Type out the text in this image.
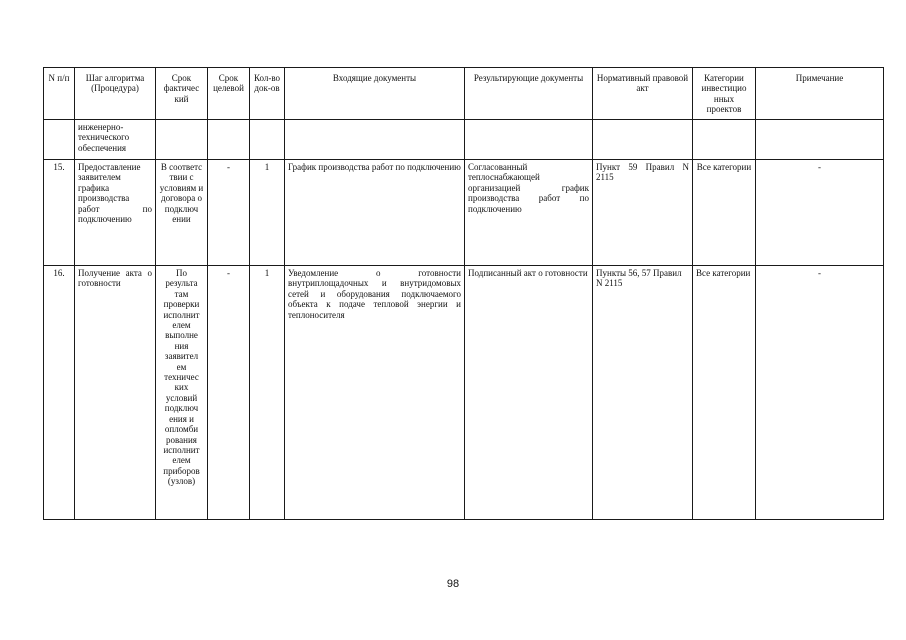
N п/п	Шаг алгоритма (Процедура)	Срок фактичес кий	Срок целевой	Кол-во док-ов	Входящие документы	Результирующие документы	Нормативный правовой акт	Категории инвестицио нных проектов	Примечание
	инженерно-технического обеспечения								
15.	Предоставление заявителем графика производства работ по подключению	В соответс твии с условиям и договора о подключ ении	-	1	График производства работ по подключению	Согласованный теплоснабжающей организацией график производства работ по подключению	Пункт 59 Правил N 2115	Все категории	-
16.	Получение акта о готовности	По результа там проверки исполнит елем выполне ния заявител ем техничес ких условий подключ ения и опломби рования исполнит елем приборов (узлов)	-	1	Уведомление о готовности внутриплощадочных и внутридомовых сетей и оборудования подключаемого объекта к подаче тепловой энергии и теплоносителя	Подписанный акт о готовности	Пункты 56, 57 Правил N 2115	Все категории	-
98
